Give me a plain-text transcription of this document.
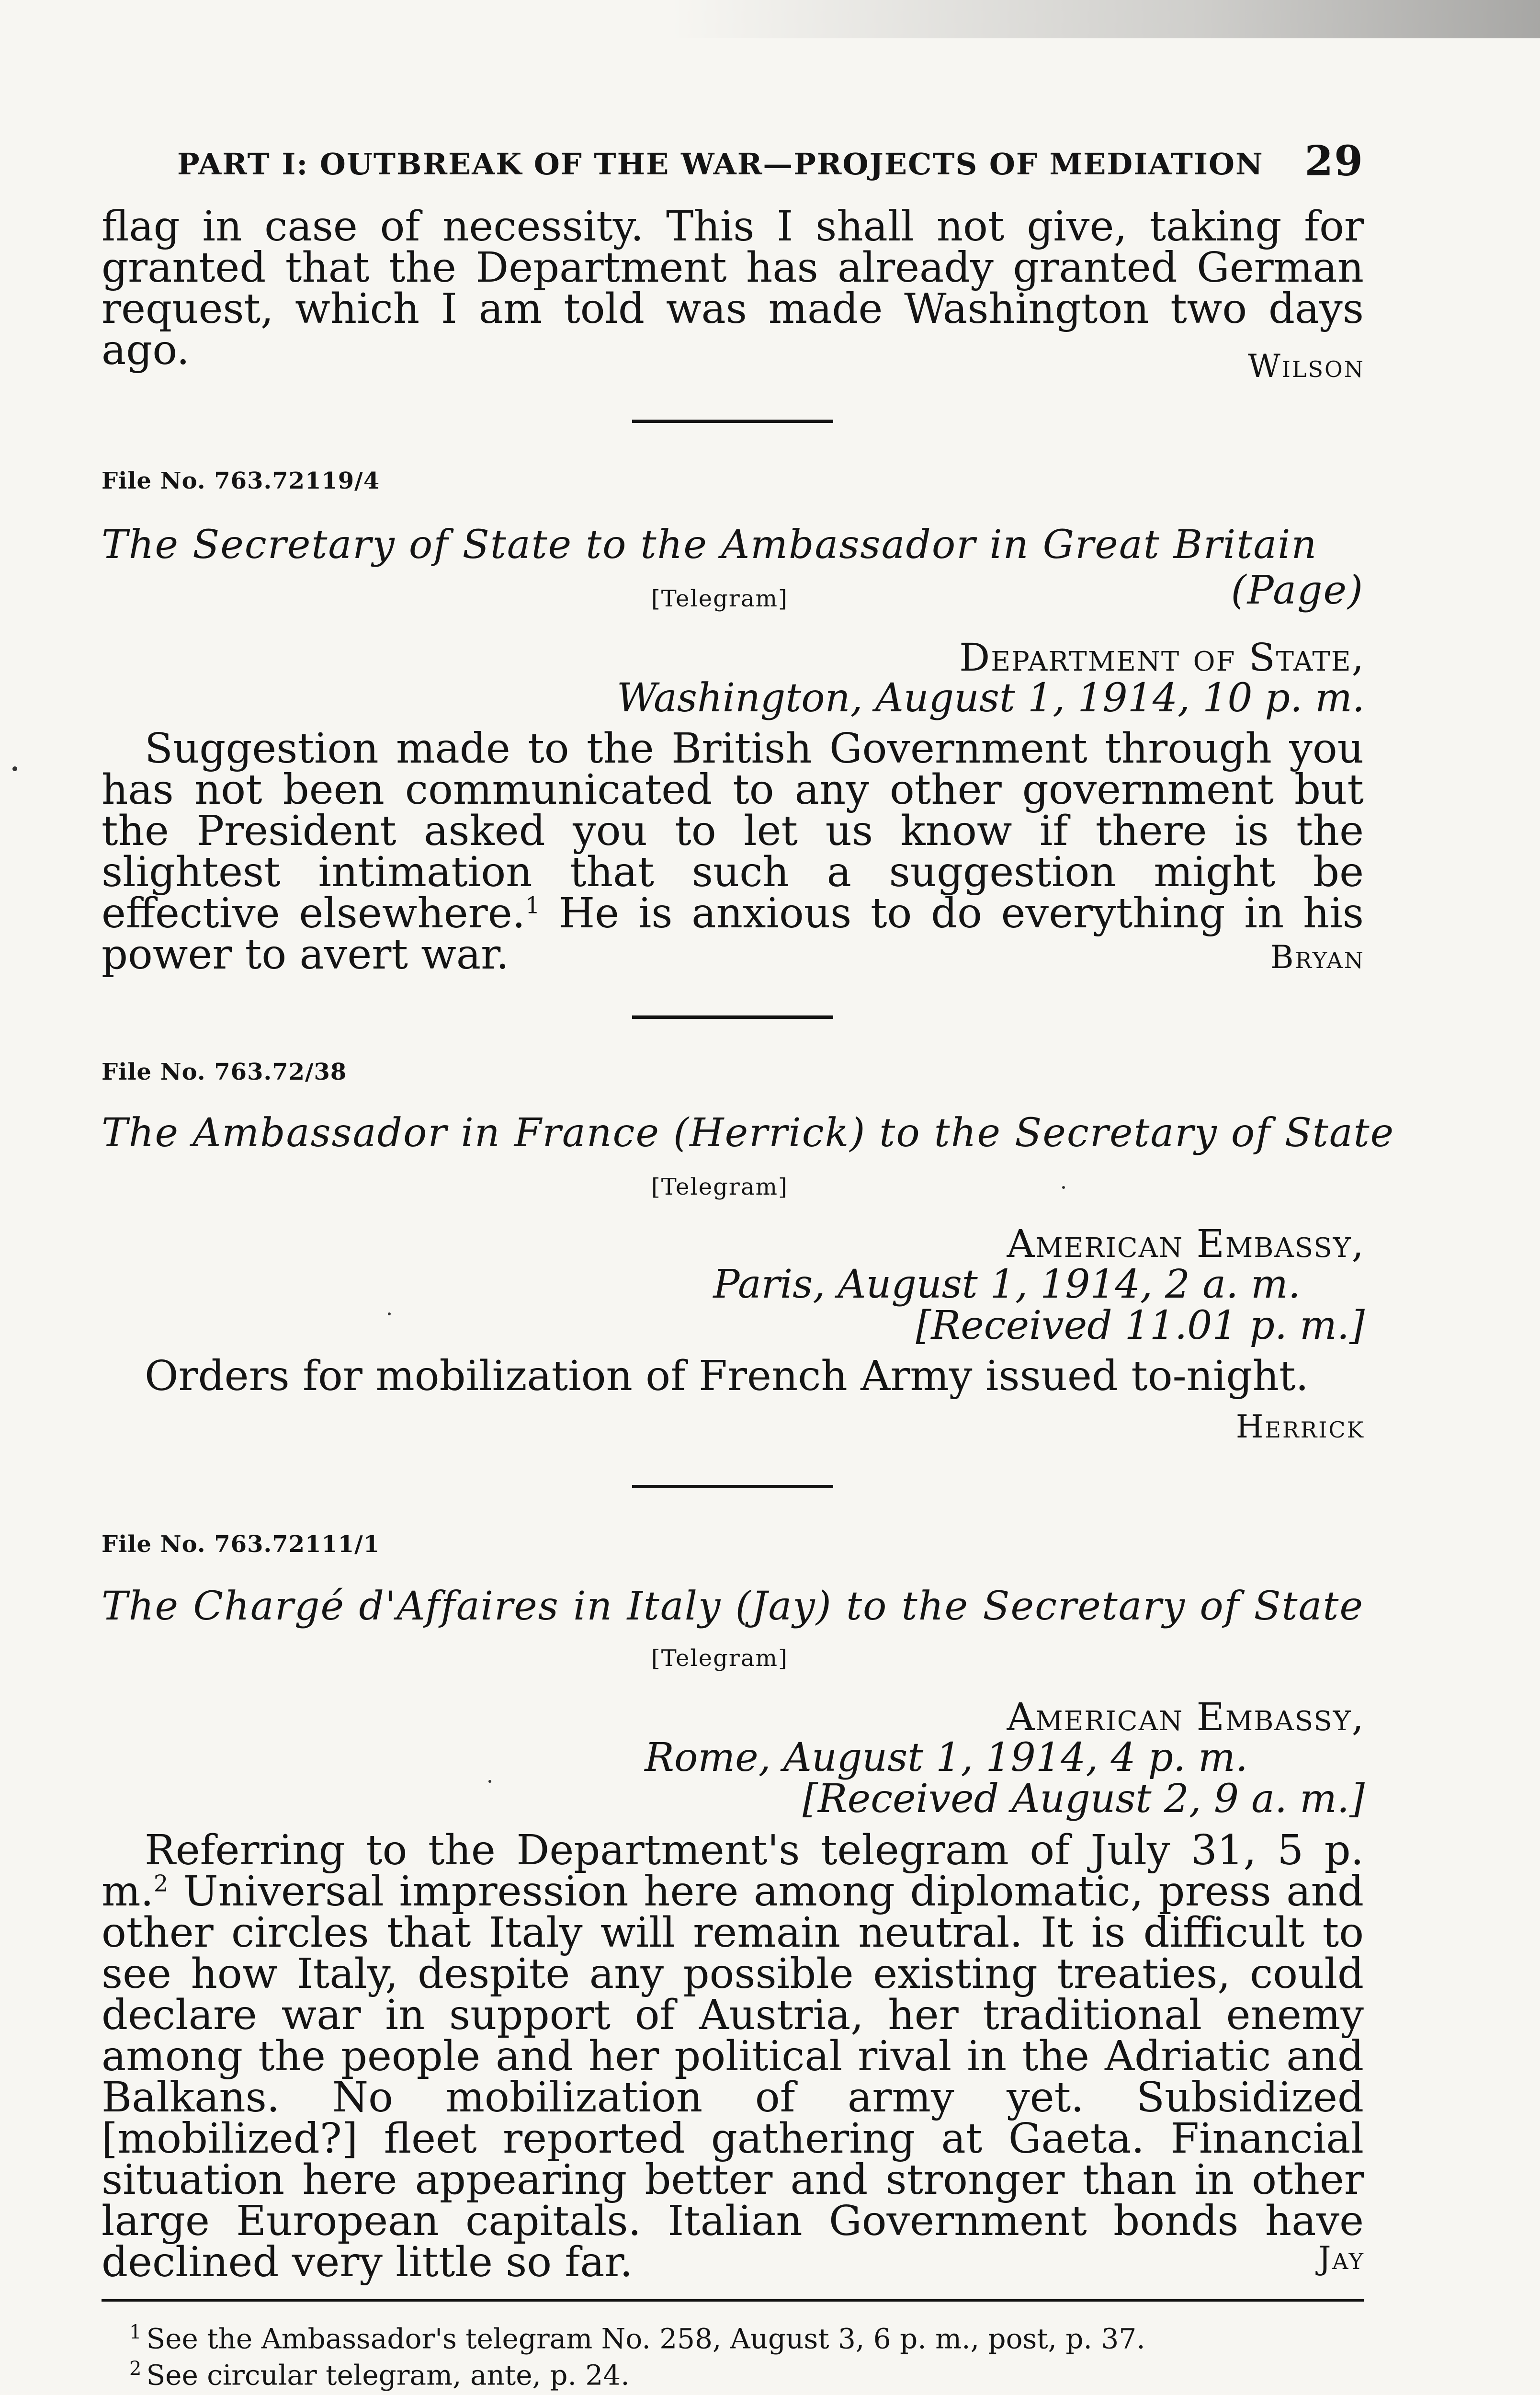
PART I: OUTBREAK OF THE WAR—PROJECTS OF MEDIATION 29

flag in case of necessity. This I shall not give, taking for granted that the Department has already granted German request, which I am told was made Washington two days ago.	Wilson
File No. 763.72119/4
The Secretary of State to the Ambassador in Great Britain
(Page)
[Telegram]
Department of State,
Washington, August 1, 1914, 10 p. m.

Suggestion made to the British Government through you has not been communicated to any other government but the President asked you to let us know if there is the slightest intimation that such a suggestion might be effective elsewhere.$^1$ He is anxious to do everything in his power to avert war.	Bryan
File No. 763.72/38
The Ambassador in France (Herrick) to the Secretary of State
[Telegram]
American Embassy,
Paris, August 1, 1914, 2 a. m.
[Received 11.01 p. m.]

Orders for mobilization of French Army issued to-night.

Herrick
File No. 763.72111/1
The Chargé d'Affaires in Italy (Jay) to the Secretary of State
[Telegram]
American Embassy,
Rome, August 1, 1914, 4 p. m.
[Received August 2, 9 a. m.]

Referring to the Department's telegram of July 31, 5 p. m.$^2$ Universal impression here among diplomatic, press and other circles that Italy will remain neutral. It is difficult to see how Italy, despite any possible existing treaties, could declare war in support of Austria, her traditional enemy among the people and her political rival in the Adriatic and Balkans. No mobilization of army yet. Subsidized [mobilized?] fleet reported gathering at Gaeta. Financial situation here appearing better and stronger than in other large European capitals. Italian Government bonds have declined very little so far.	Jay
$^1$ See the Ambassador's telegram No. 258, August 3, 6 p. m., post, p. 37.
$^2$ See circular telegram, ante, p. 24.
